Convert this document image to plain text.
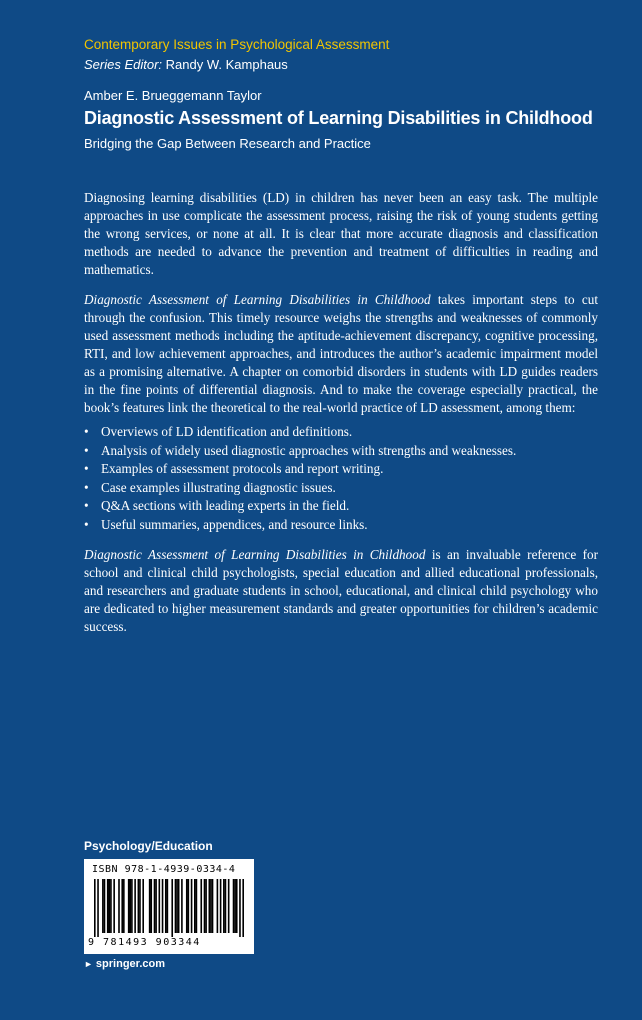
Contemporary Issues in Psychological Assessment
Series Editor: Randy W. Kamphaus
Amber E. Brueggemann Taylor
Diagnostic Assessment of Learning Disabilities in Childhood
Bridging the Gap Between Research and Practice

Diagnosing learning disabilities (LD) in children has never been an easy task. The multiple approaches in use complicate the assessment process, raising the risk of young students getting the wrong services, or none at all. It is clear that more accurate diagnosis and classification methods are needed to advance the prevention and treatment of difficulties in reading and mathematics.

Diagnostic Assessment of Learning Disabilities in Childhood takes important steps to cut through the confusion. This timely resource weighs the strengths and weaknesses of commonly used assessment methods including the aptitude-achievement discrepancy, cognitive processing, RTI, and low achievement approaches, and introduces the author’s academic impairment model as a promising alternative. A chapter on comorbid disorders in students with LD guides readers in the fine points of differential diagnosis. And to make the coverage especially practical, the book’s features link the theoretical to the real-world practice of LD assessment, among them:

• Overviews of LD identification and definitions.
• Analysis of widely used diagnostic approaches with strengths and weaknesses.
• Examples of assessment protocols and report writing.
• Case examples illustrating diagnostic issues.
• Q&A sections with leading experts in the field.
• Useful summaries, appendices, and resource links.

Diagnostic Assessment of Learning Disabilities in Childhood is an invaluable reference for school and clinical child psychologists, special education and allied educational professionals, and researchers and graduate students in school, educational, and clinical child psychology who are dedicated to higher measurement standards and greater opportunities for children’s academic success.

Psychology/Education
ISBN 978-1-4939-0334-4
9 781493 903344
► springer.com
